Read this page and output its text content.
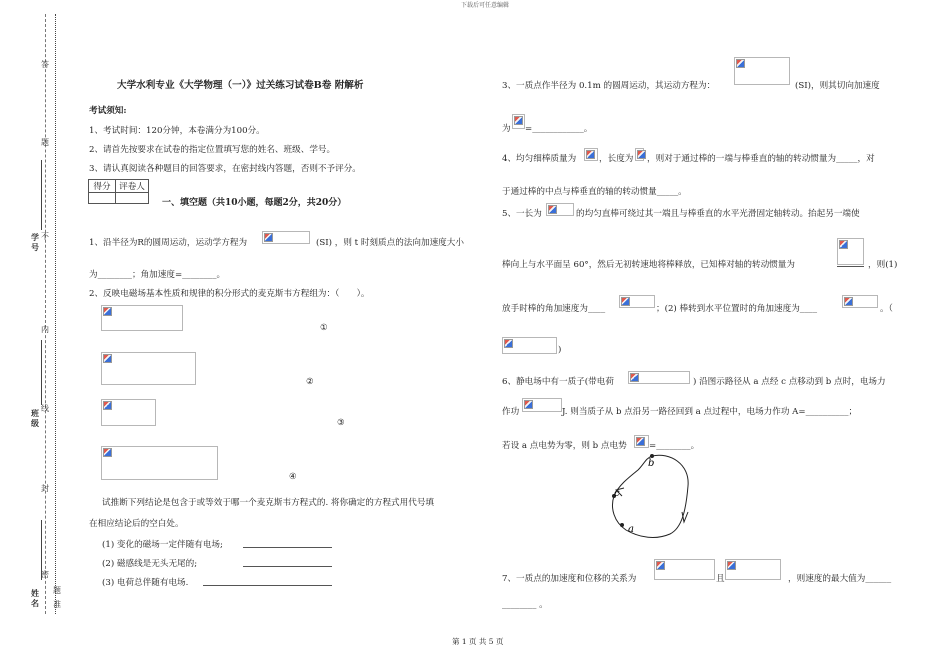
下载后可任意编辑
第 1 页 共 5 页
答
题
不
内
线
封
密
题
准
学号
班级
姓名
大学水利专业《大学物理（一）》过关练习试卷B卷 附解析
考试须知:
1、考试时间：120分钟，本卷满分为100分。
2、请首先按要求在试卷的指定位置填写您的姓名、班级、学号。
3、请认真阅读各种题目的回答要求，在密封线内答题，否则不予评分。
得分	评卷人

一、填空题（共10小题，每题2分，共20分）
1、沿半径为R的圆周运动，运动学方程为	(SI) ，则 t 时刻质点的法向加速度大小
为________；角加速度=________。
2、反映电磁场基本性质和规律的积分形式的麦克斯韦方程组为：（　　）。
①
②
③
④
试推断下列结论是包含于或等效于哪一个麦克斯韦方程式的. 将你确定的方程式用代号填
在相应结论后的空白处。
(1) 变化的磁场一定伴随有电场;
(2) 磁感线是无头无尾的;
(3) 电荷总伴随有电场.
3、一质点作半径为 0.1m 的圆周运动，其运动方程为：	(SI)，则其切向加速度
为 =____________。
4、均匀细棒质量为	，长度为 ，则对于通过棒的一端与棒垂直的轴的转动惯量为_____，对
于通过棒的中点与棒垂直的轴的转动惯量_____。
5、一长为	的均匀直棒可绕过其一端且与棒垂直的水平光滑固定轴转动。抬起另一端使
棒向上与水平面呈 60°，然后无初转速地将棒释放，已知棒对轴的转动惯量为	，则(1)
放手时棒的角加速度为____	；(2) 棒转到水平位置时的角加速度为____	。（
)
6、静电场中有一质子(带电荷	) 沿图示路径从 a 点经 c 点移动到 b 点时，电场力
作功	J. 则当质子从 b 点沿另一路径回到 a 点过程中，电场力作功 A=__________；
若设 a 点电势为零，则 b 点电势	=________。
b
c
a
7、一质点的加速度和位移的关系为	且	，则速度的最大值为______
________ 。
